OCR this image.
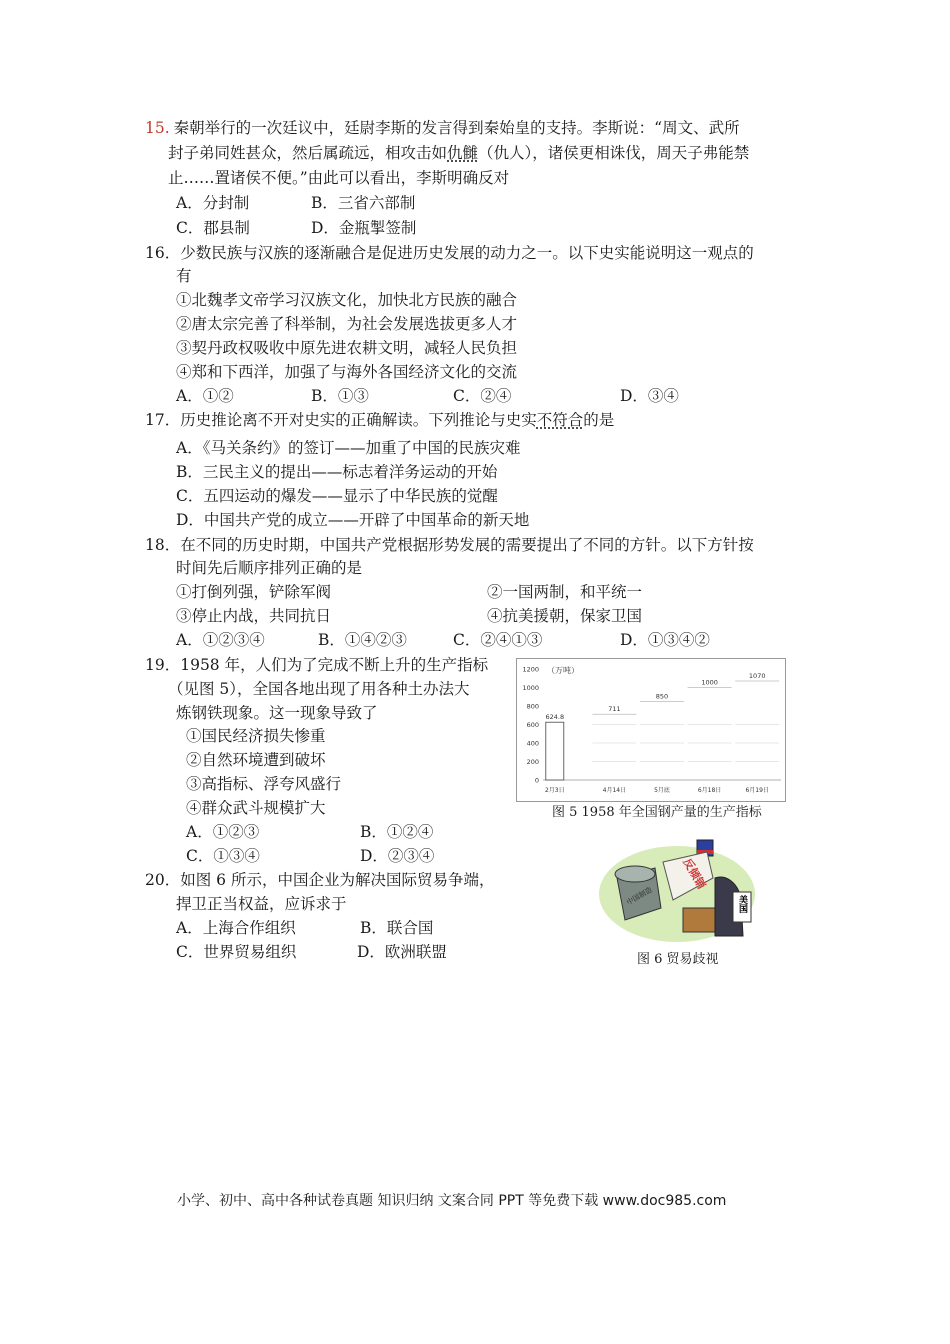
15. 秦朝举行的一次廷议中，廷尉李斯的发言得到秦始皇的支持。李斯说：“周文、武所
封子弟同姓甚众，然后属疏远，相攻击如仇雠（仇人），诸侯更相诛伐，周天子弗能禁
止……置诸侯不便。”由此可以看出，李斯明确反对
A．分封制	B．三省六部制
C．郡县制	D．金瓶掣签制
16．少数民族与汉族的逐渐融合是促进历史发展的动力之一。以下史实能说明这一观点的
有
①北魏孝文帝学习汉族文化，加快北方民族的融合
②唐太宗完善了科举制，为社会发展选拔更多人才
③契丹政权吸收中原先进农耕文明，减轻人民负担
④郑和下西洋，加强了与海外各国经济文化的交流
A．①②	B．①③	C．②④	D．③④
17．历史推论离不开对史实的正确解读。下列推论与史实不符合的是
A．《马关条约》的签订——加重了中国的民族灾难
B．三民主义的提出——标志着洋务运动的开始
C．五四运动的爆发——显示了中华民族的觉醒
D．中国共产党的成立——开辟了中国革命的新天地
18．在不同的历史时期，中国共产党根据形势发展的需要提出了不同的方针。以下方针按
时间先后顺序排列正确的是
①打倒列强，铲除军阀	②一国两制，和平统一
③停止内战，共同抗日	④抗美援朝，保家卫国
A．①②③④	B．①④②③	C．②④①③	D．①③④②
19．1958 年，人们为了完成不断上升的生产指标
（见图 5），全国各地出现了用各种土办法大
炼钢铁现象。这一现象导致了
①国民经济损失惨重
②自然环境遭到破坏
③高指标、浮夸风盛行
④群众武斗规模扩大
A．①②③	B．①②④
C．①③④	D．②③④
0
200
400
600
800
1000
1200 （万吨）
624.8
2月3日
711
4月14日
850
5月底
1000
6月18日
1070
6月19日
图 5 1958 年全国钢产量的生产指标
20．如图 6 所示，中国企业为解决国际贸易争端，
捍卫正当权益，应诉求于
A．上海合作组织	B．联合国
C．世界贸易组织	D．欧洲联盟
美国
反倾销
中国制造
图 6 贸易歧视
小学、初中、高中各种试卷真题 知识归纳 文案合同 PPT 等免费下载 www.doc985.com
